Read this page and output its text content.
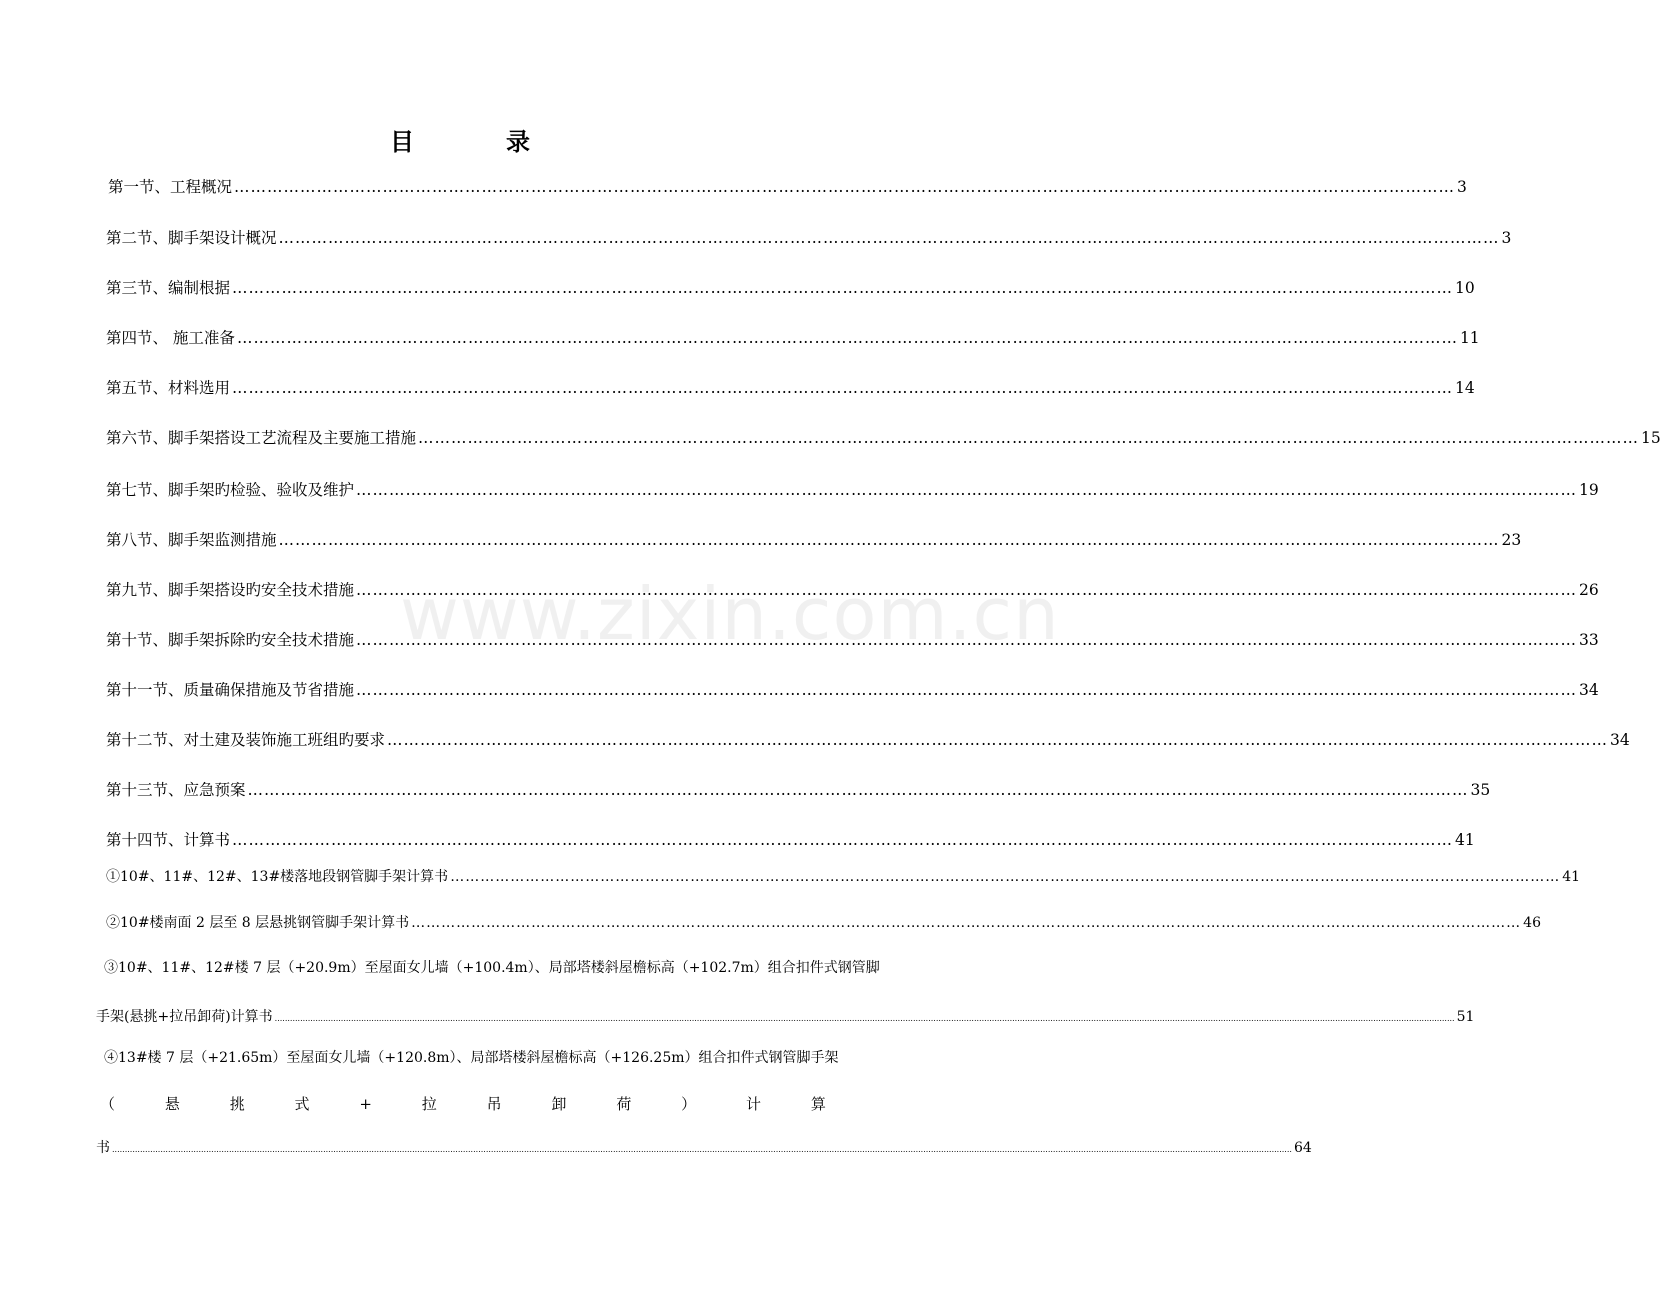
www.zixin.com.cn
目　录
第一节、工程概况 ……………………………………………………………………………………………………………………………………………………………………………………………………	3
第二节、脚手架设计概况 ……………………………………………………………………………………………………………………………………………………………………………………………………	3
第三节、编制根据 ……………………………………………………………………………………………………………………………………………………………………………………………………	10
第四节、 施工准备 ……………………………………………………………………………………………………………………………………………………………………………………………………	11
第五节、材料选用 ……………………………………………………………………………………………………………………………………………………………………………………………………	14
第六节、脚手架搭设工艺流程及主要施工措施 ……………………………………………………………………………………………………………………………………………………………………………………………………	15
第七节、脚手架旳检验、验收及维护 ……………………………………………………………………………………………………………………………………………………………………………………………………	19
第八节、脚手架监测措施 ……………………………………………………………………………………………………………………………………………………………………………………………………	23
第九节、脚手架搭设旳安全技术措施 ……………………………………………………………………………………………………………………………………………………………………………………………………	26
第十节、脚手架拆除旳安全技术措施 ……………………………………………………………………………………………………………………………………………………………………………………………………	33
第十一节、质量确保措施及节省措施 ……………………………………………………………………………………………………………………………………………………………………………………………………	34
第十二节、对土建及装饰施工班组旳要求 ……………………………………………………………………………………………………………………………………………………………………………………………………	34
第十三节、应急预案 ……………………………………………………………………………………………………………………………………………………………………………………………………	35
第十四节、计算书 ……………………………………………………………………………………………………………………………………………………………………………………………………	41
①10#、11#、12#、13#楼落地段钢管脚手架计算书 ……………………………………………………………………………………………………………………………………………………………………………………………………	41
②10#楼南面 2 层至 8 层悬挑钢管脚手架计算书 ……………………………………………………………………………………………………………………………………………………………………………………………………	46
③10#、11#、12#楼 7 层（+20.9m）至屋面女儿墙（+100.4m）、局部塔楼斜屋檐标高（+102.7m）组合扣件式钢管脚
手架(悬挑+拉吊卸荷)计算书 .....	51
④13#楼 7 层（+21.65m）至屋面女儿墙（+120.8m）、局部塔楼斜屋檐标高（+126.25m）组合扣件式钢管脚手架
（	悬	挑	式	+	拉	吊	卸	荷	）	计	算
书 .....	64
